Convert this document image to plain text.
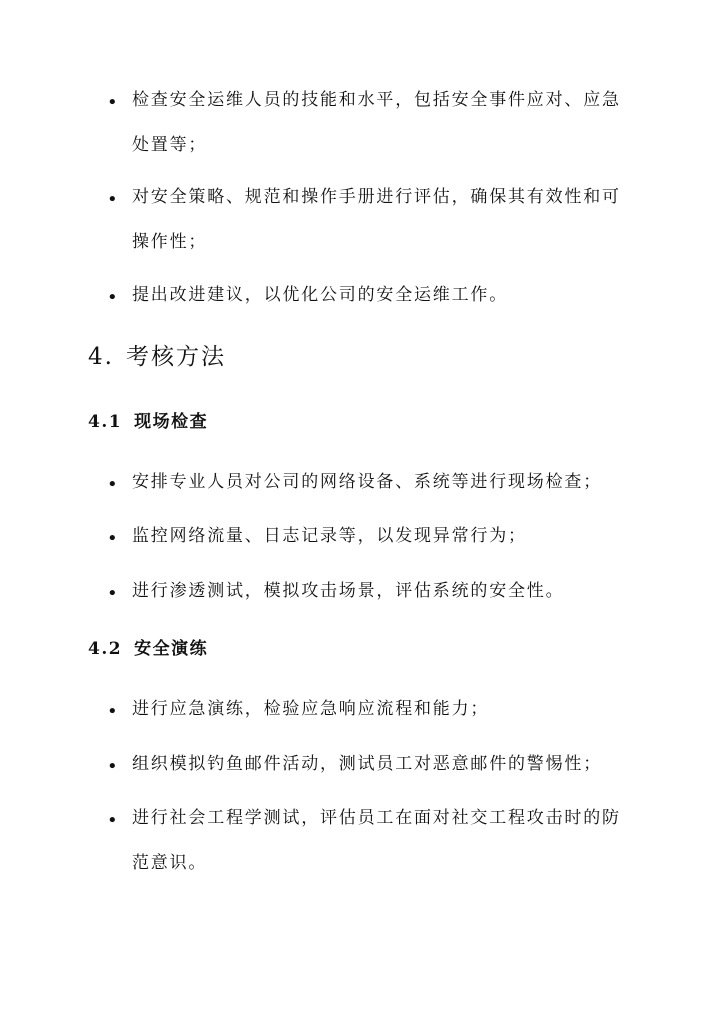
• 检查安全运维人员的技能和水平，包括安全事件应对、应急
处置等；
• 对安全策略、规范和操作手册进行评估，确保其有效性和可
操作性；
• 提出改进建议，以优化公司的安全运维工作。
4. 考核方法
4.1 现场检查
• 安排专业人员对公司的网络设备、系统等进行现场检查；
• 监控网络流量、日志记录等，以发现异常行为；
• 进行渗透测试，模拟攻击场景，评估系统的安全性。
4.2 安全演练
• 进行应急演练，检验应急响应流程和能力；
• 组织模拟钓鱼邮件活动，测试员工对恶意邮件的警惕性；
• 进行社会工程学测试，评估员工在面对社交工程攻击时的防
范意识。
